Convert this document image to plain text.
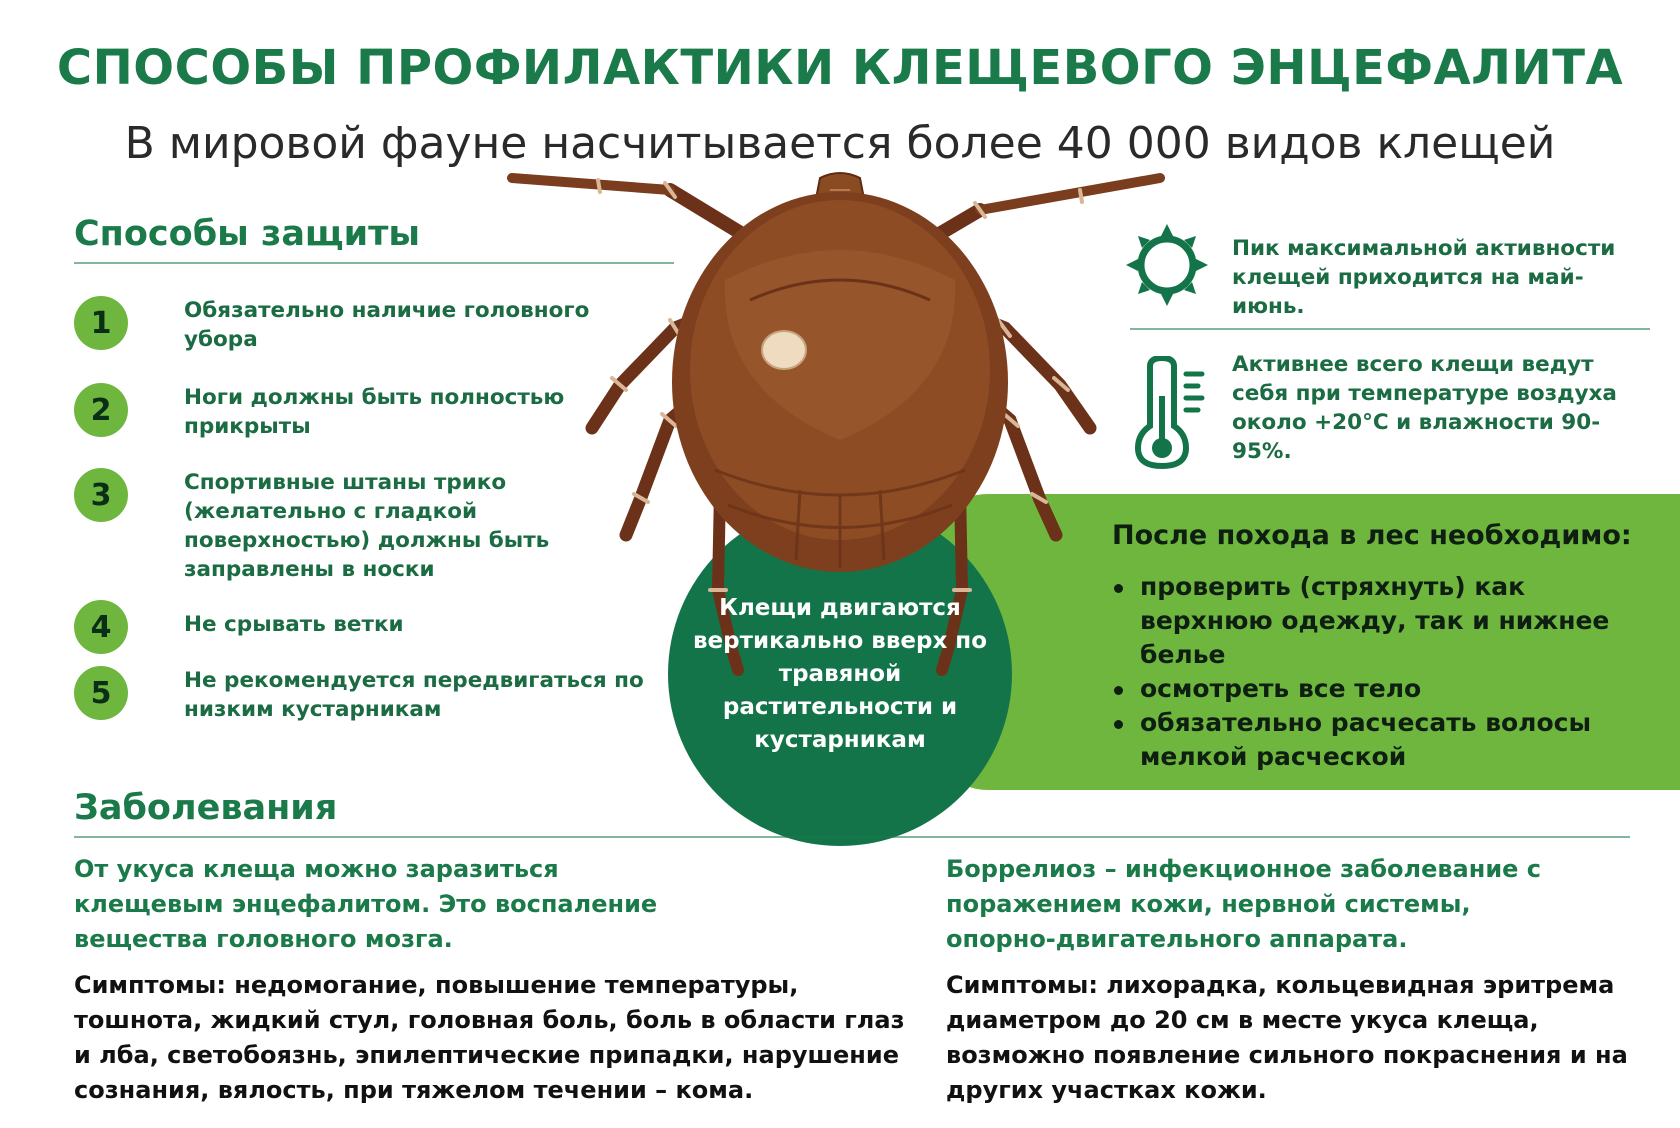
СПОСОБЫ ПРОФИЛАКТИКИ КЛЕЩЕВОГО ЭНЦЕФАЛИТА
В мировой фауне насчитывается более 40 000 видов клещей
Клещи двигаются вертикально вверх по травяной растительности и кустарникам
Способы защиты
1	Обязательно наличие головного убора
2	Ноги должны быть полностью прикрыты
3	Спортивные штаны трико (желательно с гладкой поверхностью) должны быть заправлены в носки
4	Не срывать ветки
5	Не рекомендуется передвигаться по низким кустарникам
Пик максимальной активности клещей приходится на май-июнь.
Активнее всего клещи ведут себя при температуре воздуха около +20°С и влажности 90-95%.
После похода в лес необходимо:
проверить (стряхнуть) как верхнюю одежду, так и нижнее белье
осмотреть все тело
обязательно расчесать волосы мелкой расческой
Заболевания
От укуса клеща можно заразиться клещевым энцефалитом. Это воспаление вещества головного мозга.
Симптомы: недомогание, повышение температуры, тошнота, жидкий стул, головная боль, боль в области глаз и лба, светобоязнь, эпилептические припадки, нарушение сознания, вялость, при тяжелом течении – кома.
Боррелиоз – инфекционное заболевание с поражением кожи, нервной системы, опорно-двигательного аппарата.
Симптомы: лихорадка, кольцевидная эритрема диаметром до 20 см в месте укуса клеща, возможно появление сильного покраснения и на других участках кожи.
